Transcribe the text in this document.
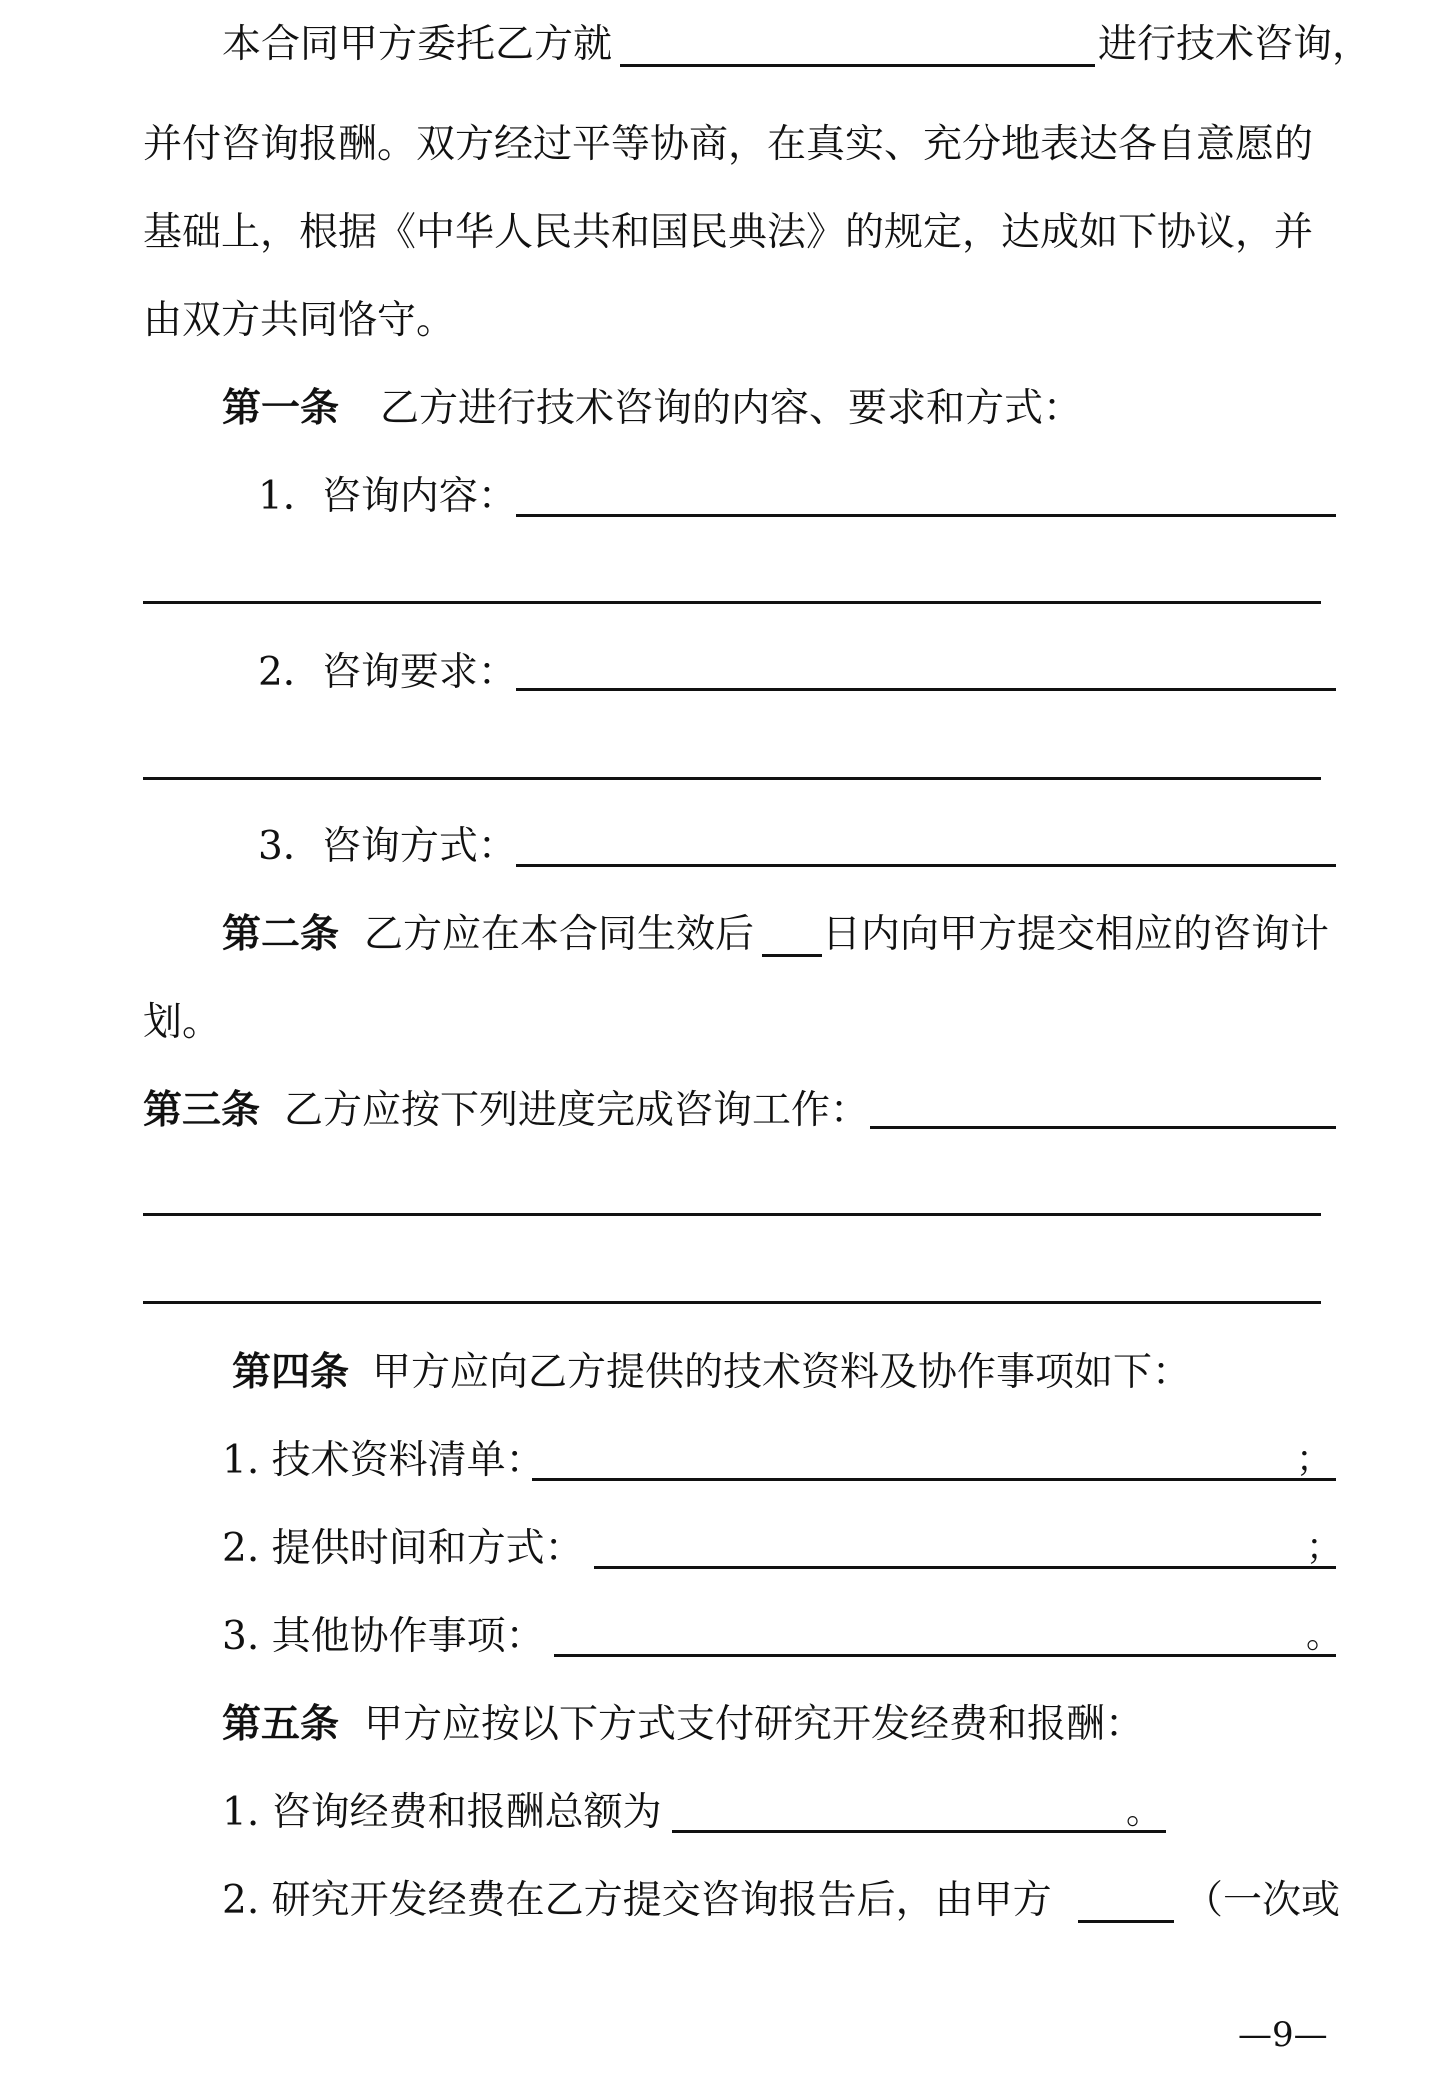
本合同甲方委托乙方就	进行技术咨询，
并付咨询报酬。双方经过平等协商，在真实、充分地表达各自意愿的
基础上，根据《中华人民共和国民典法》的规定，达成如下协议，并
由双方共同恪守。
第一条 乙方进行技术咨询的内容、要求和方式：
1．咨询内容：
2．咨询要求：
3．咨询方式：
第二条 乙方应在本合同生效后 日内向甲方提交相应的咨询计
划。
第三条 乙方应按下列进度完成咨询工作：
第四条 甲方应向乙方提供的技术资料及协作事项如下：
1. 技术资料清单：	；
2. 提供时间和方式：	；
3. 其他协作事项：	。
第五条 甲方应按以下方式支付研究开发经费和报酬：
1. 咨询经费和报酬总额为	。
2. 研究开发经费在乙方提交咨询报告后，由甲方	（一次或
—9—
